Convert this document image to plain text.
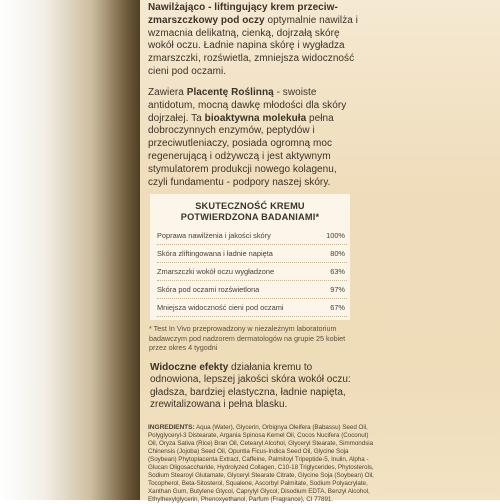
Nawilżająco - liftingujący krem przeciw-zmarszczkowy pod oczy optymalnie nawilża i wzmacnia delikatną, cienką, dojrzałą skórę wokół oczu. Ładnie napina skórę i wygładza zmarszczki, rozświetla, zmniejsza widoczność cieni pod oczami.

Zawiera Placentę Roślinną - swoiste antidotum, mocną dawkę młodości dla skóry dojrzałej. Ta bioaktywna molekuła pełna dobroczynnych enzymów, peptydów i przeciwutleniaczy, posiada ogromną moc regenerującą i odżywczą i jest aktywnym stymulatorem produkcji nowego kolagenu, czyli fundamentu - podpory naszej skóry.

SKUTECZNOŚĆ KREMU
POTWIERDZONA BADANIAMI*

Poprawa nawilżenia i jakości skóry	100%
Skóra zliftingowana i ładnie napięta	80%
Zmarszczki wokół oczu wygładzone	63%
Skóra pod oczami rozświetlona	97%
Mniejsza widoczność cieni pod oczami	67%

* Test In Vivo przeprowadzony w niezależnym laboratorium badawczym pod nadzorem dermatologów na grupie 25 kobiet przez okres 4 tygodni

Widoczne efekty działania kremu to odnowiona, lepszej jakości skóra wokół oczu: gładsza, bardziej elastyczna, ładnie napięta, zrewitalizowana i pełna blasku.

INGREDIENTS: Aqua (Water), Glycerin, Orbignya Oleifera (Babassu) Seed Oil, Polyglyceryl-3 Distearate, Argania Spinosa Kernel Oil, Cocos Nucifera (Coconut) Oil, Oryza Sativa (Rice) Bran Oil, Cetearyl Alcohol, Glyceryl Stearate, Simmondsia Chinensis (Jojoba) Seed Oil, Opuntia Ficus-Indica Seed Oil, Glycine Soja (Soybean) Phytoplacenta Extract, Caffeine, Palmitoyl Tripeptide-5, Inulin, Alpha - Glucan Oligosaccharide, Hydrolyzed Collagen, C10-18 Triglycerides, Phytosterols, Sodium Stearoyl Glutamate, Glyceryl Stearate Citrate, Glycine Soja (Soybean) Oil, Tocopherol, Beta-Sitosterol, Squalene, Ascorbyl Palmitate, Sodium Polyacrylate, Xanthan Gum, Butylene Glycol, Caprylyl Glycol, Disodium EDTA, Benzyl Alcohol, Ethylhexylglycerin, Phenoxyethanol, Parfum (Fragrance), CI 77891.
